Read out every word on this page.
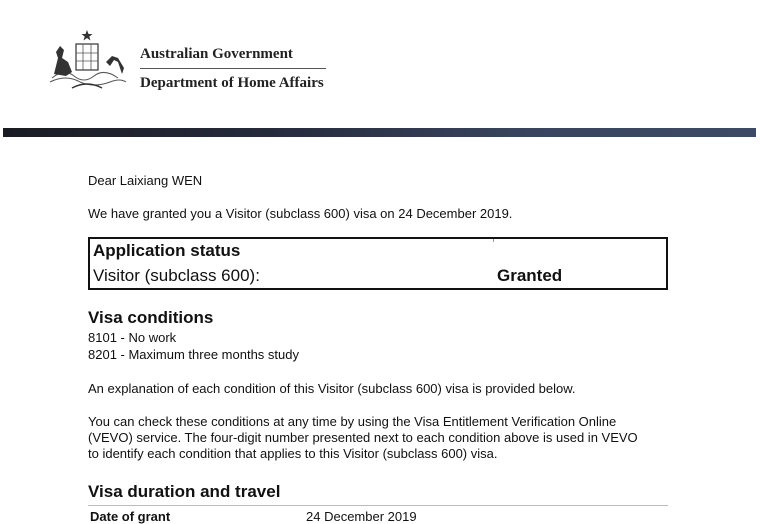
Australian Government
Department of Home Affairs
Dear Laixiang WEN
We have granted you a Visitor (subclass 600) visa on 24 December 2019.
Application status
Visitor (subclass 600):	Granted
Visa conditions
8101 - No work
8201 - Maximum three months study
An explanation of each condition of this Visitor (subclass 600) visa is provided below.
You can check these conditions at any time by using the Visa Entitlement Verification Online (VEVO) service. The four-digit number presented next to each condition above is used in VEVO to identify each condition that applies to this Visitor (subclass 600) visa.
Visa duration and travel
Date of grant	24 December 2019
